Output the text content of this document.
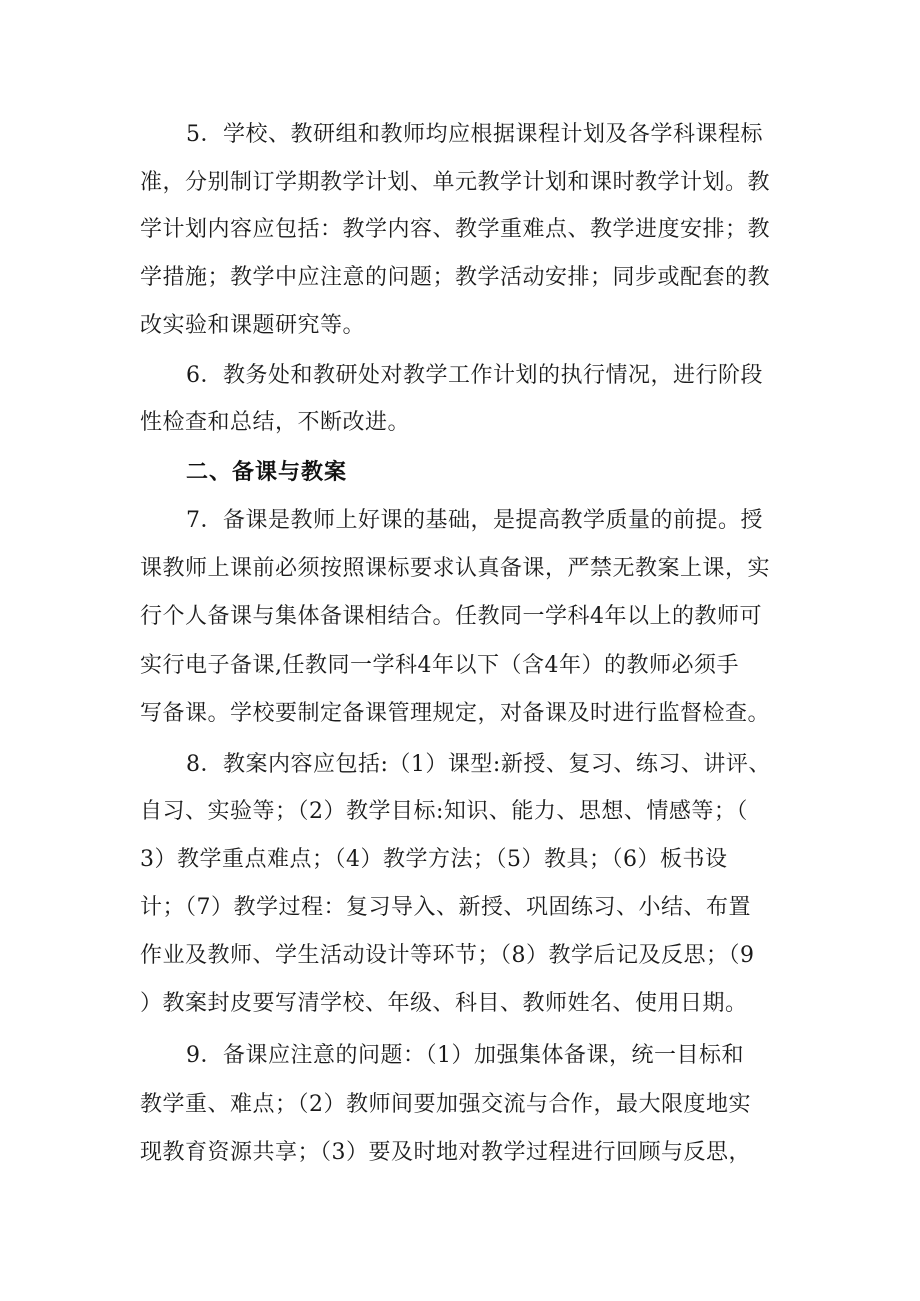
5．学校、教研组和教师均应根据课程计划及各学科课程标
准，分别制订学期教学计划、单元教学计划和课时教学计划。教
学计划内容应包括：教学内容、教学重难点、教学进度安排；教
学措施；教学中应注意的问题；教学活动安排；同步或配套的教
改实验和课题研究等。
6．教务处和教研处对教学工作计划的执行情况，进行阶段
性检查和总结，不断改进。
二、备课与教案
7．备课是教师上好课的基础，是提高教学质量的前提。授
课教师上课前必须按照课标要求认真备课，严禁无教案上课，实
行个人备课与集体备课相结合。任教同一学科4年以上的教师可
实行电子备课,任教同一学科4年以下（含4年）的教师必须手
写备课。学校要制定备课管理规定，对备课及时进行监督检查。
8．教案内容应包括:（1）课型:新授、复习、练习、讲评、
自习、实验等；（2）教学目标:知识、能力、思想、情感等；（
3）教学重点难点；（4）教学方法；（5）教具；（6）板书设
计；（7）教学过程：复习导入、新授、巩固练习、小结、布置
作业及教师、学生活动设计等环节；（8）教学后记及反思；（9
）教案封皮要写清学校、年级、科目、教师姓名、使用日期。
9．备课应注意的问题：（1）加强集体备课，统一目标和
教学重、难点；（2）教师间要加强交流与合作，最大限度地实
现教育资源共享；（3）要及时地对教学过程进行回顾与反思，
